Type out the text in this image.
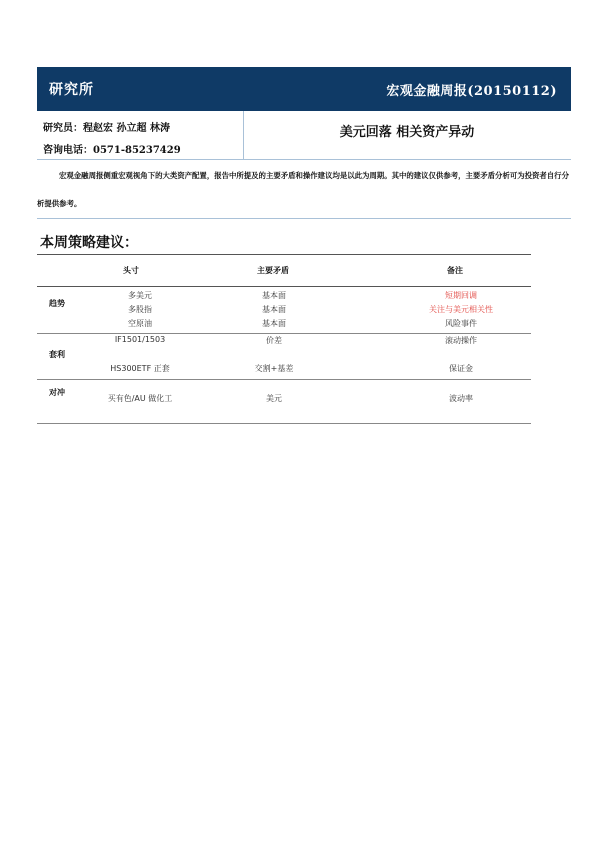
研究所	宏观金融周报(20150112)
研究员：程赵宏 孙立超 林涛
咨询电话：0571-85237429
美元回落 相关资产异动
宏观金融周报侧重宏观视角下的大类资产配置，报告中所提及的主要矛盾和操作建议均是以此为周期。其中的建议仅供参考，主要矛盾分析可为投资者自行分析提供参考。
本周策略建议：
头寸	主要矛盾	备注
趋势
多美元	基本面	短期回调
多股指	基本面	关注与美元相关性
空原油	基本面	风险事件
套利
IF1501/1503	价差	滚动操作
HS300ETF 正套	交割+基差	保证金
对冲
买有色/AU 做化工	美元	波动率
